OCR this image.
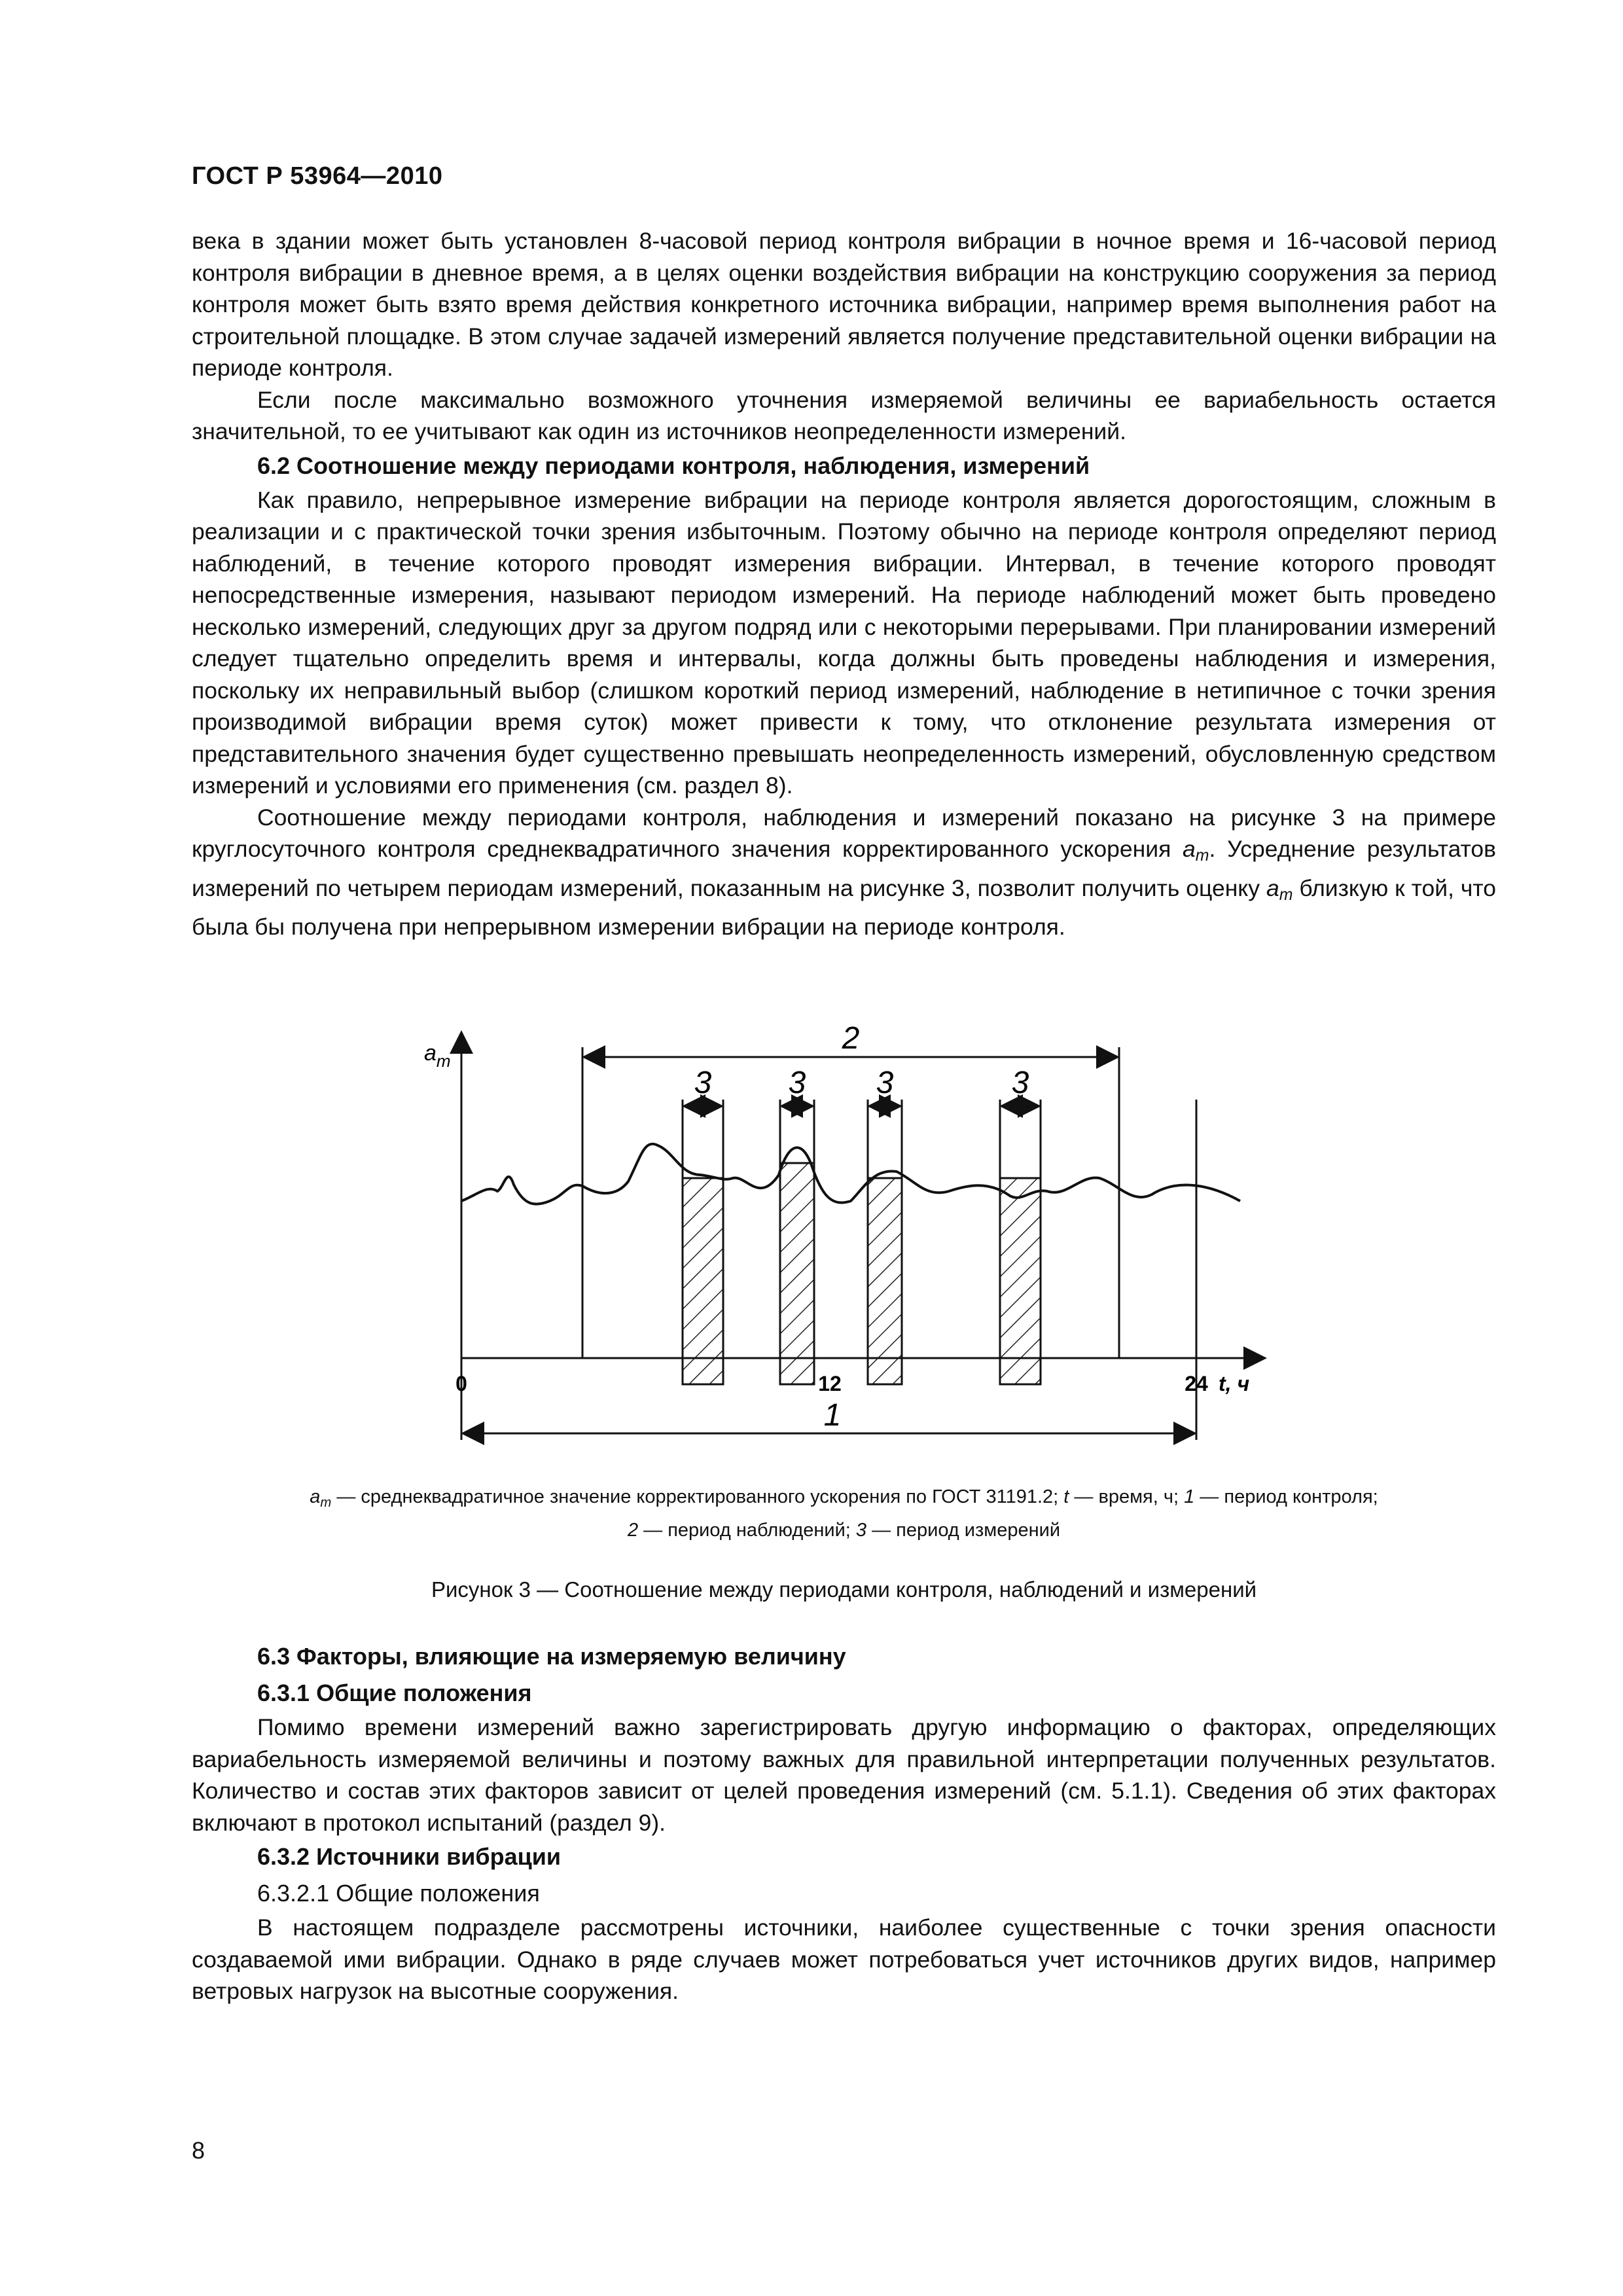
ГОСТ Р 53964—2010

века в здании может быть установлен 8-часовой период контроля вибрации в ночное время и 16-часовой период контроля вибрации в дневное время, а в целях оценки воздействия вибрации на конструкцию сооружения за период контроля может быть взято время действия конкретного источника вибрации, например время выполнения работ на строительной площадке. В этом случае задачей измерений является получение представительной оценки вибрации на периоде контроля.

Если после максимально возможного уточнения измеряемой величины ее вариабельность остается значительной, то ее учитывают как один из источников неопределенности измерений.

6.2 Соотношение между периодами контроля, наблюдения, измерений

Как правило, непрерывное измерение вибрации на периоде контроля является дорогостоящим, сложным в реализации и с практической точки зрения избыточным. Поэтому обычно на периоде контроля определяют период наблюдений, в течение которого проводят измерения вибрации. Интервал, в течение которого проводят непосредственные измерения, называют периодом измерений. На периоде наблюдений может быть проведено несколько измерений, следующих друг за другом подряд или с некоторыми перерывами. При планировании измерений следует тщательно определить время и интервалы, когда должны быть проведены наблюдения и измерения, поскольку их неправильный выбор (слишком короткий период измерений, наблюдение в нетипичное с точки зрения производимой вибрации время суток) может привести к тому, что отклонение результата измерения от представительного значения будет существенно превышать неопределенность измерений, обусловленную средством измерений и условиями его применения (см. раздел 8).

Соотношение между периодами контроля, наблюдения и измерений показано на рисунке 3 на примере круглосуточного контроля среднеквадратичного значения корректированного ускорения $a_m$. Усреднение результатов измерений по четырем периодам измерений, показанным на рисунке 3, позволит получить оценку $a_m$ близкую к той, что была бы получена при непрерывном измерении вибрации на периоде контроля.

2
3 3 3	3
1
$a_m$
0	12	24 t, ч
$a_m$ — среднеквадратичное значение корректированного ускорения по ГОСТ 31191.2; t — время, ч; 1 — период контроля;
2 — период наблюдений; 3 — период измерений
Рисунок 3 — Соотношение между периодами контроля, наблюдений и измерений
6.3 Факторы, влияющие на измеряемую величину
6.3.1 Общие положения

Помимо времени измерений важно зарегистрировать другую информацию о факторах, определяющих вариабельность измеряемой величины и поэтому важных для правильной интерпретации полученных результатов. Количество и состав этих факторов зависит от целей проведения измерений (см. 5.1.1). Сведения об этих факторах включают в протокол испытаний (раздел 9).

6.3.2 Источники вибрации
6.3.2.1 Общие положения

В настоящем подразделе рассмотрены источники, наиболее существенные с точки зрения опасности создаваемой ими вибрации. Однако в ряде случаев может потребоваться учет источников других видов, например ветровых нагрузок на высотные сооружения.

8
